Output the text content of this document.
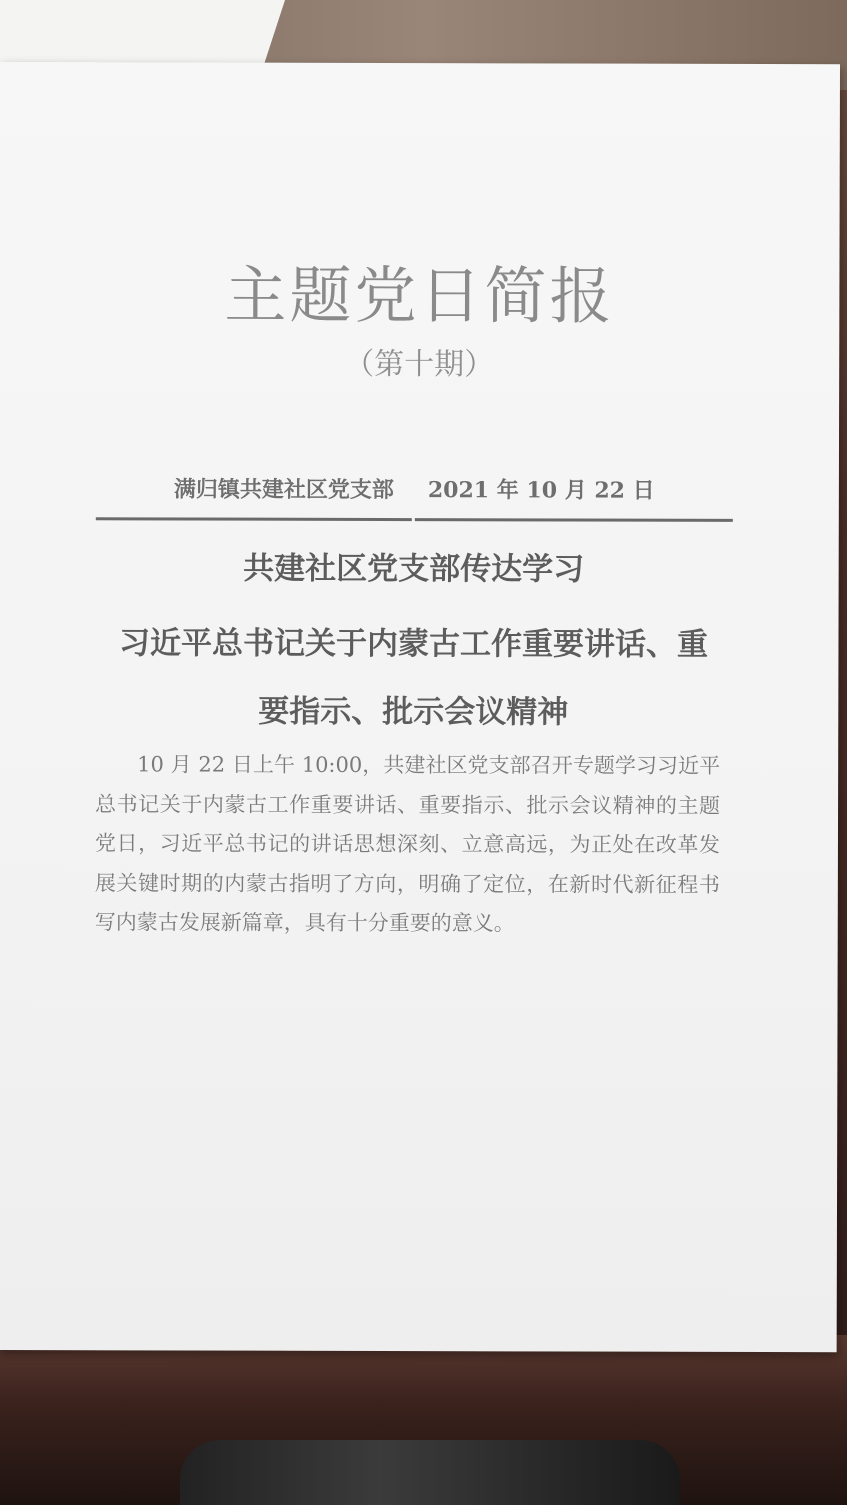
主题党日简报
（第十期）
满归镇共建社区党支部 2021 年 10 月 22 日
共建社区党支部传达学习
习近平总书记关于内蒙古工作重要讲话、重
要指示、批示会议精神

10 月 22 日上午 10:00，共建社区党支部召开专题学习习近平总书记关于内蒙古工作重要讲话、重要指示、批示会议精神的主题党日，习近平总书记的讲话思想深刻、立意高远，为正处在改革发展关键时期的内蒙古指明了方向，明确了定位，在新时代新征程书写内蒙古发展新篇章，具有十分重要的意义。
